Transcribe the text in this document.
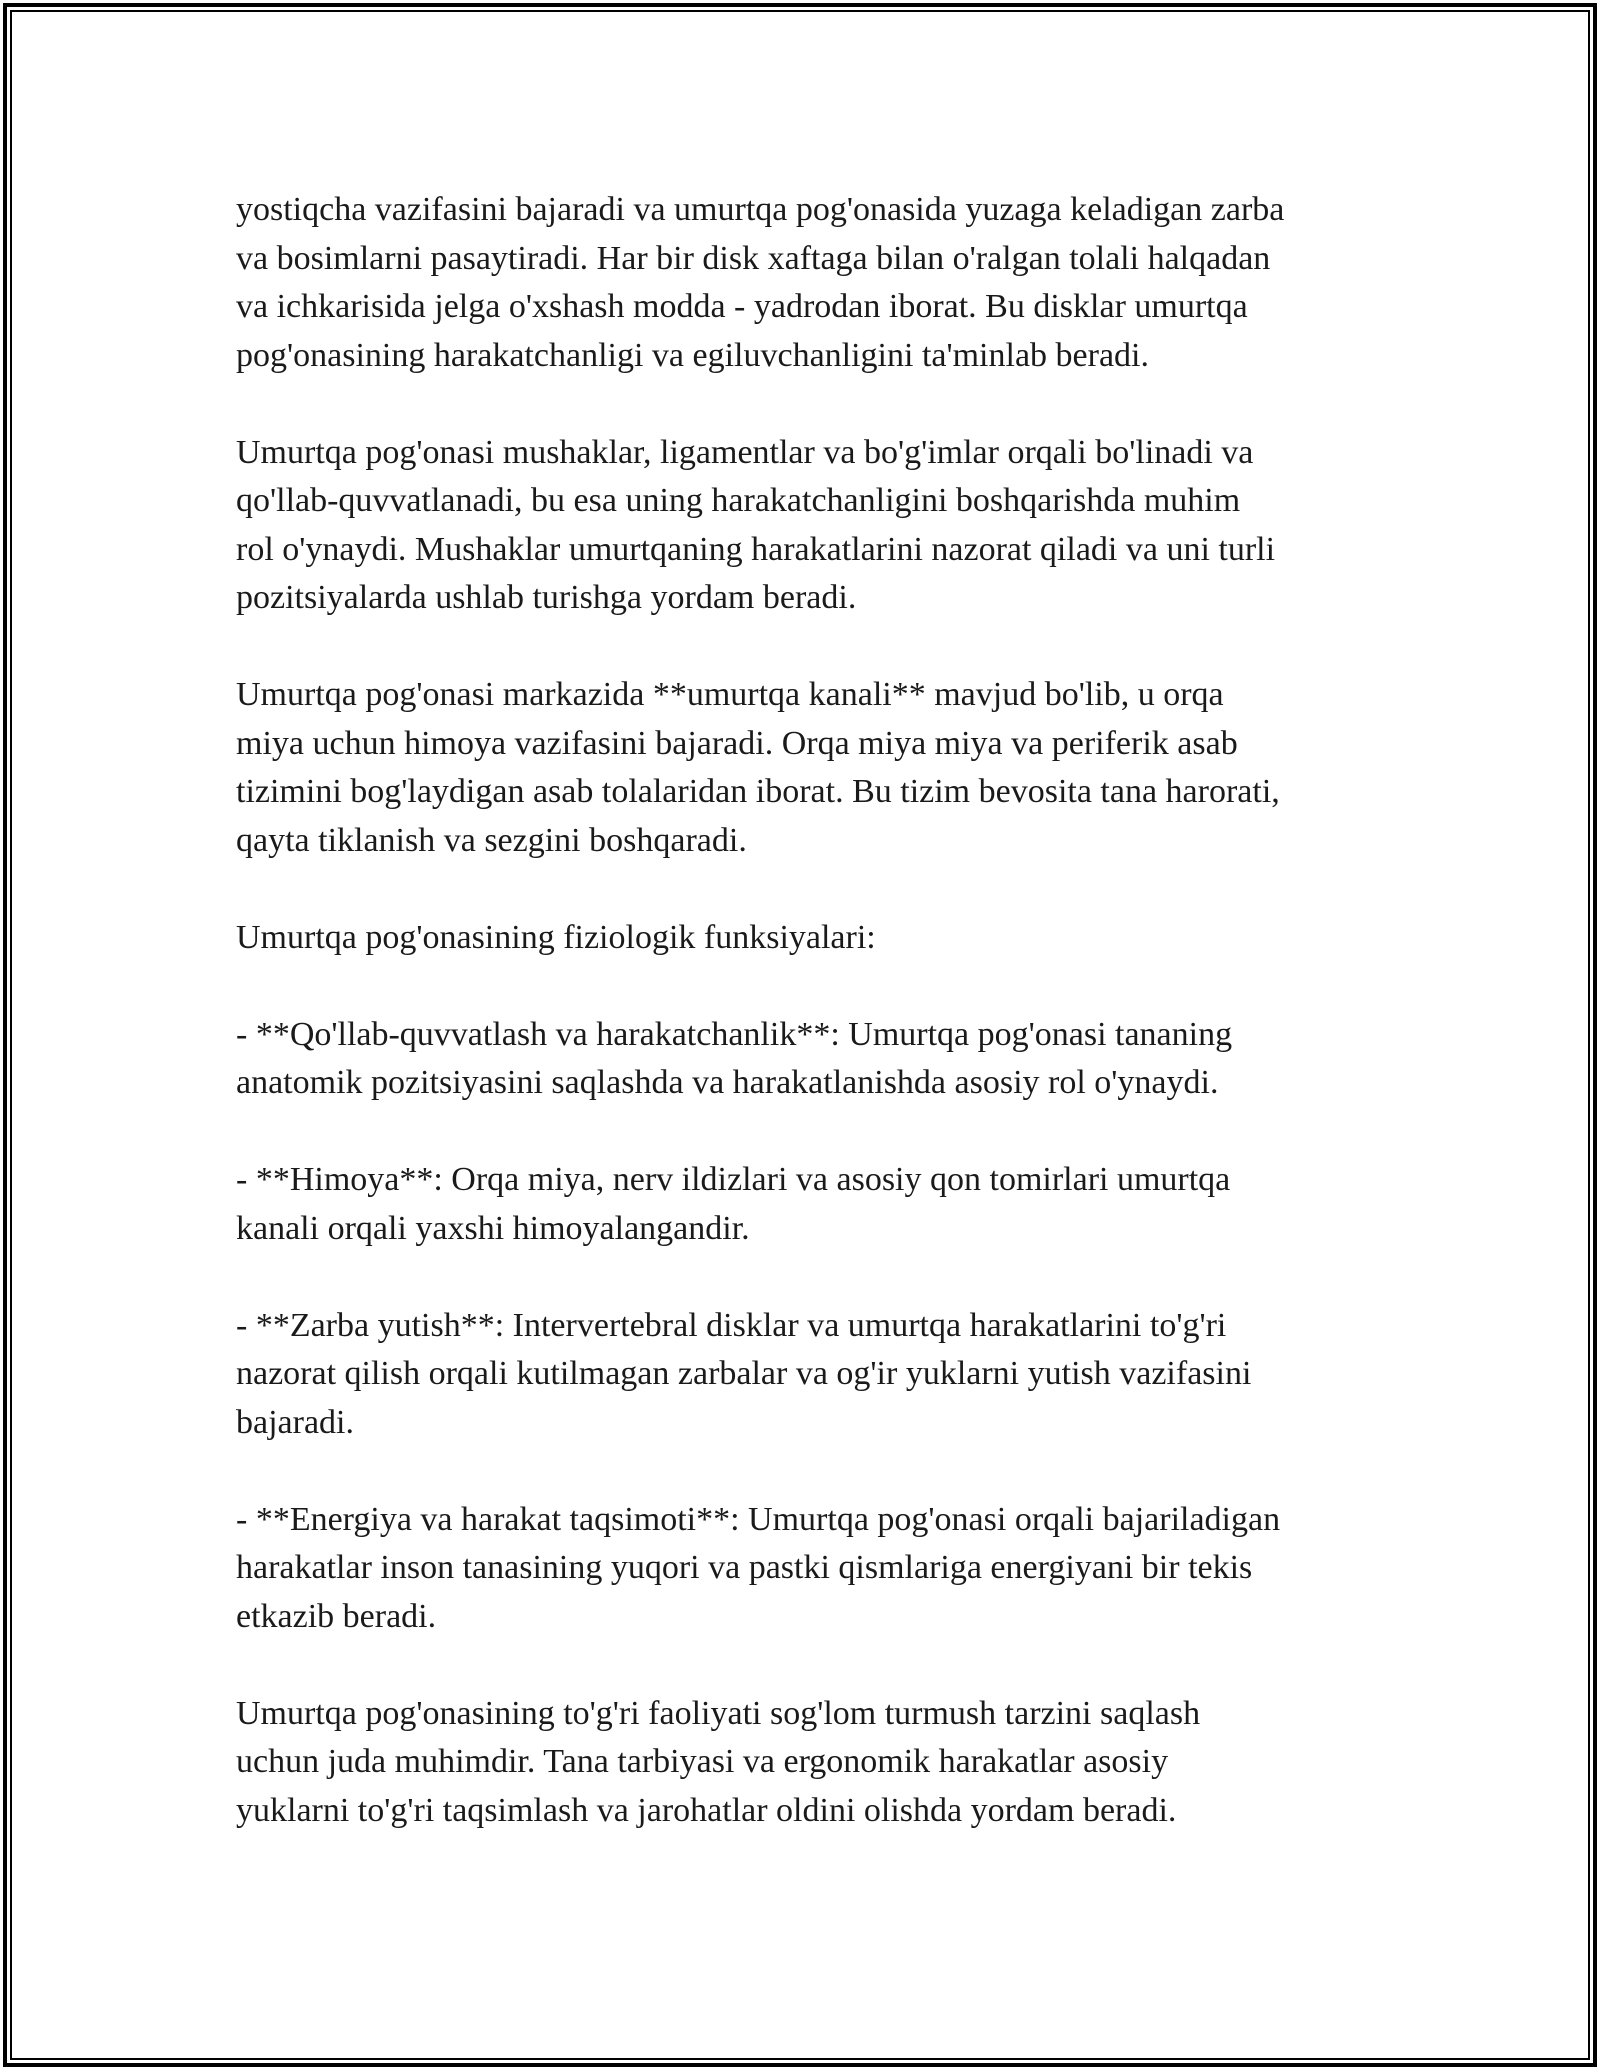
yostiqcha vazifasini bajaradi va umurtqa pog'onasida yuzaga keladigan zarba
va bosimlarni pasaytiradi. Har bir disk xaftaga bilan o'ralgan tolali halqadan
va ichkarisida jelga o'xshash modda - yadrodan iborat. Bu disklar umurtqa
pog'onasining harakatchanligi va egiluvchanligini ta'minlab beradi.

Umurtqa pog'onasi mushaklar, ligamentlar va bo'g'imlar orqali bo'linadi va
qo'llab-quvvatlanadi, bu esa uning harakatchanligini boshqarishda muhim
rol o'ynaydi. Mushaklar umurtqaning harakatlarini nazorat qiladi va uni turli
pozitsiyalarda ushlab turishga yordam beradi.

Umurtqa pog'onasi markazida **umurtqa kanali** mavjud bo'lib, u orqa
miya uchun himoya vazifasini bajaradi. Orqa miya miya va periferik asab
tizimini bog'laydigan asab tolalaridan iborat. Bu tizim bevosita tana harorati,
qayta tiklanish va sezgini boshqaradi.

Umurtqa pog'onasining fiziologik funksiyalari:

- **Qo'llab-quvvatlash va harakatchanlik**: Umurtqa pog'onasi tananing
anatomik pozitsiyasini saqlashda va harakatlanishda asosiy rol o'ynaydi.

- **Himoya**: Orqa miya, nerv ildizlari va asosiy qon tomirlari umurtqa
kanali orqali yaxshi himoyalangandir.

- **Zarba yutish**: Intervertebral disklar va umurtqa harakatlarini to'g'ri
nazorat qilish orqali kutilmagan zarbalar va og'ir yuklarni yutish vazifasini
bajaradi.

- **Energiya va harakat taqsimoti**: Umurtqa pog'onasi orqali bajariladigan
harakatlar inson tanasining yuqori va pastki qismlariga energiyani bir tekis
etkazib beradi.

Umurtqa pog'onasining to'g'ri faoliyati sog'lom turmush tarzini saqlash
uchun juda muhimdir. Tana tarbiyasi va ergonomik harakatlar asosiy
yuklarni to'g'ri taqsimlash va jarohatlar oldini olishda yordam beradi.
